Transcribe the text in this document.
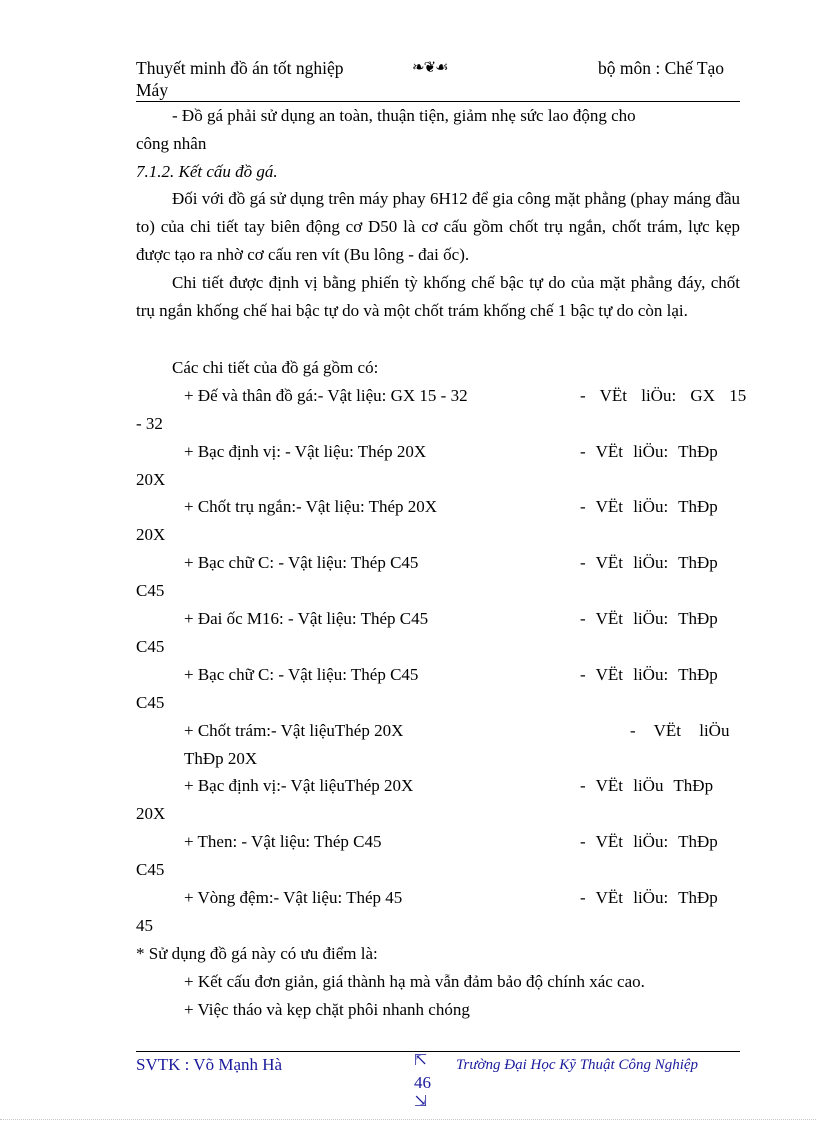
Thuyết minh đồ án tốt nghiệp	❧❦☙	bộ môn : Chế Tạo
Máy
- Đồ gá phải sử dụng an toàn, thuận tiện, giảm nhẹ sức lao động cho
công nhân
7.1.2. Kết cấu đồ gá.
Đối với đồ gá sử dụng trên máy phay 6H12 để gia công mặt phẳng (phay máng đầu to) của chi tiết tay biên động cơ D50 là cơ cấu gồm chốt trụ ngắn, chốt trám, lực kẹp được tạo ra nhờ cơ cấu ren vít (Bu lông - đai ốc).
Chi tiết được định vị bằng phiến tỳ khống chế bậc tự do của mặt phẳng đáy, chốt trụ ngắn khống chế hai bậc tự do và một chốt trám khống chế 1 bậc tự do còn lại.
Các chi tiết của đồ gá gồm có:
+ Đế và thân đồ gá:- Vật liệu: GX 15 - 32	- VËt liÖu: GX 15
- 32
+ Bạc định vị: - Vật liệu: Thép 20X	- VËt liÖu: ThÐp
20X
+ Chốt trụ ngắn:- Vật liệu: Thép 20X	- VËt liÖu: ThÐp
20X
+ Bạc chữ C: - Vật liệu: Thép C45	- VËt liÖu: ThÐp
C45
+ Đai ốc M16: - Vật liệu: Thép C45	- VËt liÖu: ThÐp
C45
+ Bạc chữ C: - Vật liệu: Thép C45	- VËt liÖu: ThÐp
C45
+ Chốt trám:- Vật liệuThép 20X	- VËt liÖu
ThÐp 20X
+ Bạc định vị:- Vật liệuThép 20X	- VËt liÖu ThÐp
20X
+ Then: - Vật liệu: Thép C45	- VËt liÖu: ThÐp
C45
+ Vòng đệm:- Vật liệu: Thép 45	- VËt liÖu: ThÐp
45
* Sử dụng đồ gá này có ưu điểm là:
+ Kết cấu đơn giản, giá thành hạ mà vẫn đảm bảo độ chính xác cao.
+ Việc tháo và kẹp chặt phôi nhanh chóng
SVTK : Võ Mạnh Hà	⇱
46
⇲
Trường Đại Học Kỹ Thuật Công Nghiệp
